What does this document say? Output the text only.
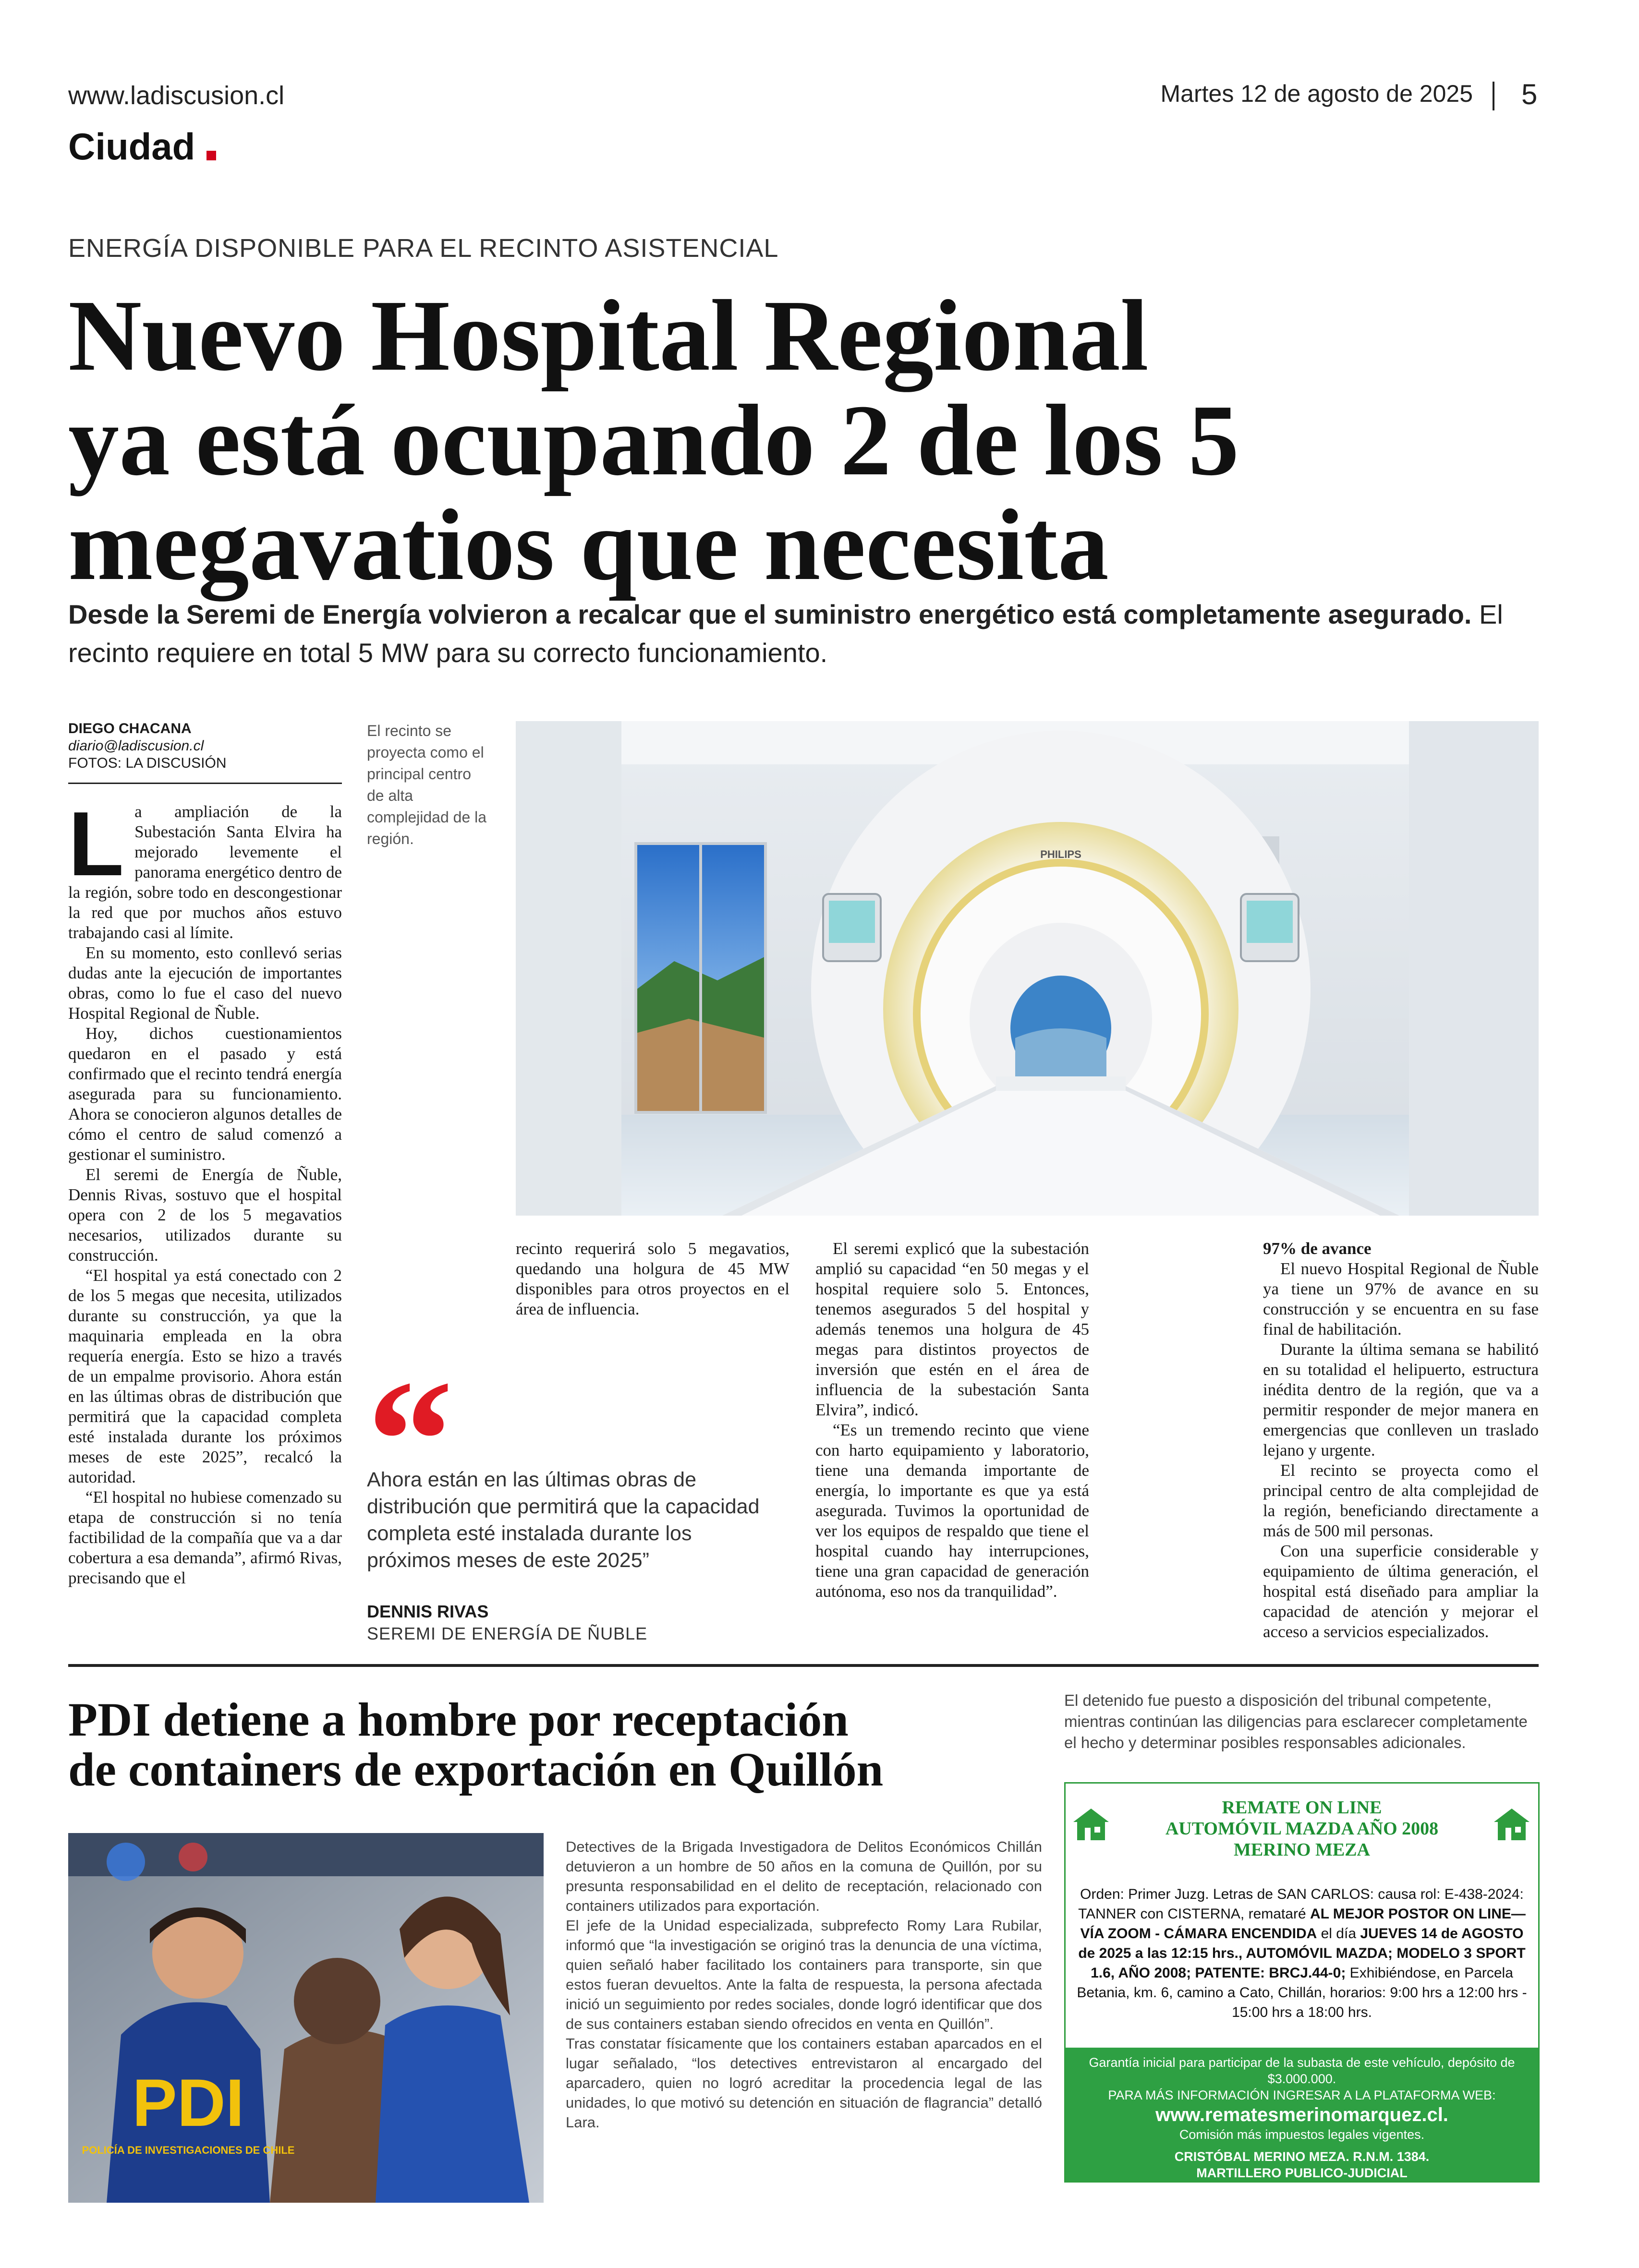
www.ladiscusion.cl	Martes 12 de agosto de 2025 5
Ciudad
ENERGÍA DISPONIBLE PARA EL RECINTO ASISTENCIAL
Nuevo Hospital Regional
ya está ocupando 2 de los 5
megavatios que necesita
Desde la Seremi de Energía volvieron a recalcar que el suministro energético está completamente asegurado. El recinto requiere en total 5 MW para su correcto funcionamiento.
DIEGO CHACANA
diario@ladiscusion.cl
FOTOS: LA DISCUSIÓN
El recinto se proyecta como el principal centro de alta complejidad de la región.
PHILIPS
L a ampliación de la Subestación Santa Elvira ha mejorado levemente el panorama energético dentro de la región, sobre todo en descongestionar la red que por muchos años estuvo trabajando casi al límite.

En su momento, esto conllevó serias dudas ante la ejecución de importantes obras, como lo fue el caso del nuevo Hospital Regional de Ñuble.

Hoy, dichos cuestionamientos quedaron en el pasado y está confirmado que el recinto tendrá energía asegurada para su funcionamiento. Ahora se conocieron algunos detalles de cómo el centro de salud comenzó a gestionar el suministro.

El seremi de Energía de Ñuble, Dennis Rivas, sostuvo que el hospital opera con 2 de los 5 megavatios necesarios, utilizados durante su construcción.

“El hospital ya está conectado con 2 de los 5 megas que necesita, utilizados durante su construcción, ya que la maquinaria empleada en la obra requería energía. Esto se hizo a través de un empalme provisorio. Ahora están en las últimas obras de distribución que permitirá que la capacidad completa esté instalada durante los próximos meses de este 2025”, recalcó la autoridad.

“El hospital no hubiese comenzado su etapa de construcción si no tenía factibilidad de la compañía que va a dar cobertura a esa demanda”, afirmó Rivas, precisando que el

recinto requerirá solo 5 megavatios, quedando una holgura de 45 MW disponibles para otros proyectos en el área de influencia.

“
Ahora están en las últimas obras de distribución que permitirá que la capacidad completa esté instalada durante los próximos meses de este 2025”
DENNIS RIVAS
SEREMI DE ENERGÍA DE ÑUBLE

El seremi explicó que la subestación amplió su capacidad “en 50 megas y el hospital requiere solo 5. Entonces, tenemos asegurados 5 del hospital y además tenemos una holgura de 45 megas para distintos proyectos de inversión que estén en el área de influencia de la subestación Santa Elvira”, indicó.

“Es un tremendo recinto que viene con harto equipamiento y laboratorio, tiene una demanda importante de energía, lo importante es que ya está asegurada. Tuvimos la oportunidad de ver los equipos de respaldo que tiene el hospital cuando hay interrupciones, tiene una gran capacidad de generación autónoma, eso nos da tranquilidad”.

97% de avance

El nuevo Hospital Regional de Ñuble ya tiene un 97% de avance en su construcción y se encuentra en su fase final de habilitación.

Durante la última semana se habilitó en su totalidad el helipuerto, estructura inédita dentro de la región, que va a permitir responder de mejor manera en emergencias que conlleven un traslado lejano y urgente.

El recinto se proyecta como el principal centro de alta complejidad de la región, beneficiando directamente a más de 500 mil personas.

Con una superficie considerable y equipamiento de última generación, el hospital está diseñado para ampliar la capacidad de atención y mejorar el acceso a servicios especializados.

PDI detiene a hombre por receptación
de containers de exportación en Quillón
El detenido fue puesto a disposición del tribunal competente, mientras continúan las diligencias para esclarecer completamente el hecho y determinar posibles responsables adicionales.
PDI
POLICÍA DE INVESTIGACIONES DE CHILE

Detectives de la Brigada Investigadora de Delitos Económicos Chillán detuvieron a un hombre de 50 años en la comuna de Quillón, por su presunta responsabilidad en el delito de receptación, relacionado con containers utilizados para exportación.

El jefe de la Unidad especializada, subprefecto Romy Lara Rubilar, informó que “la investigación se originó tras la denuncia de una víctima, quien señaló haber facilitado los containers para transporte, sin que estos fueran devueltos. Ante la falta de respuesta, la persona afectada inició un seguimiento por redes sociales, donde logró identificar que dos de sus containers estaban siendo ofrecidos en venta en Quillón”.

Tras constatar físicamente que los containers estaban aparcados en el lugar señalado, “los detectives entrevistaron al encargado del aparcadero, quien no logró acreditar la procedencia legal de las unidades, lo que motivó su detención en situación de flagrancia” detalló Lara.

REMATE ON LINE
AUTOMÓVIL MAZDA AÑO 2008
MERINO MEZA
Orden: Primer Juzg. Letras de SAN CARLOS: causa rol: E-438-2024: TANNER con CISTERNA, remataré AL MEJOR POSTOR ON LINE—VÍA ZOOM - CÁMARA ENCENDIDA el día JUEVES 14 de AGOSTO de 2025 a las 12:15 hrs., AUTOMÓVIL MAZDA; MODELO 3 SPORT 1.6, AÑO 2008; PATENTE: BRCJ.44-0; Exhibiéndose, en Parcela Betania, km. 6, camino a Cato, Chillán, horarios: 9:00 hrs a 12:00 hrs - 15:00 hrs a 18:00 hrs.
Garantía inicial para participar de la subasta de este vehículo, depósito de $3.000.000.
PARA MÁS INFORMACIÓN INGRESAR A LA PLATAFORMA WEB:
www.rematesmerinomarquez.cl.
Comisión más impuestos legales vigentes.
CRISTÓBAL MERINO MEZA. R.N.M. 1384.
MARTILLERO PUBLICO-JUDICIAL
CONCURSAL FONO: 9-94515540
